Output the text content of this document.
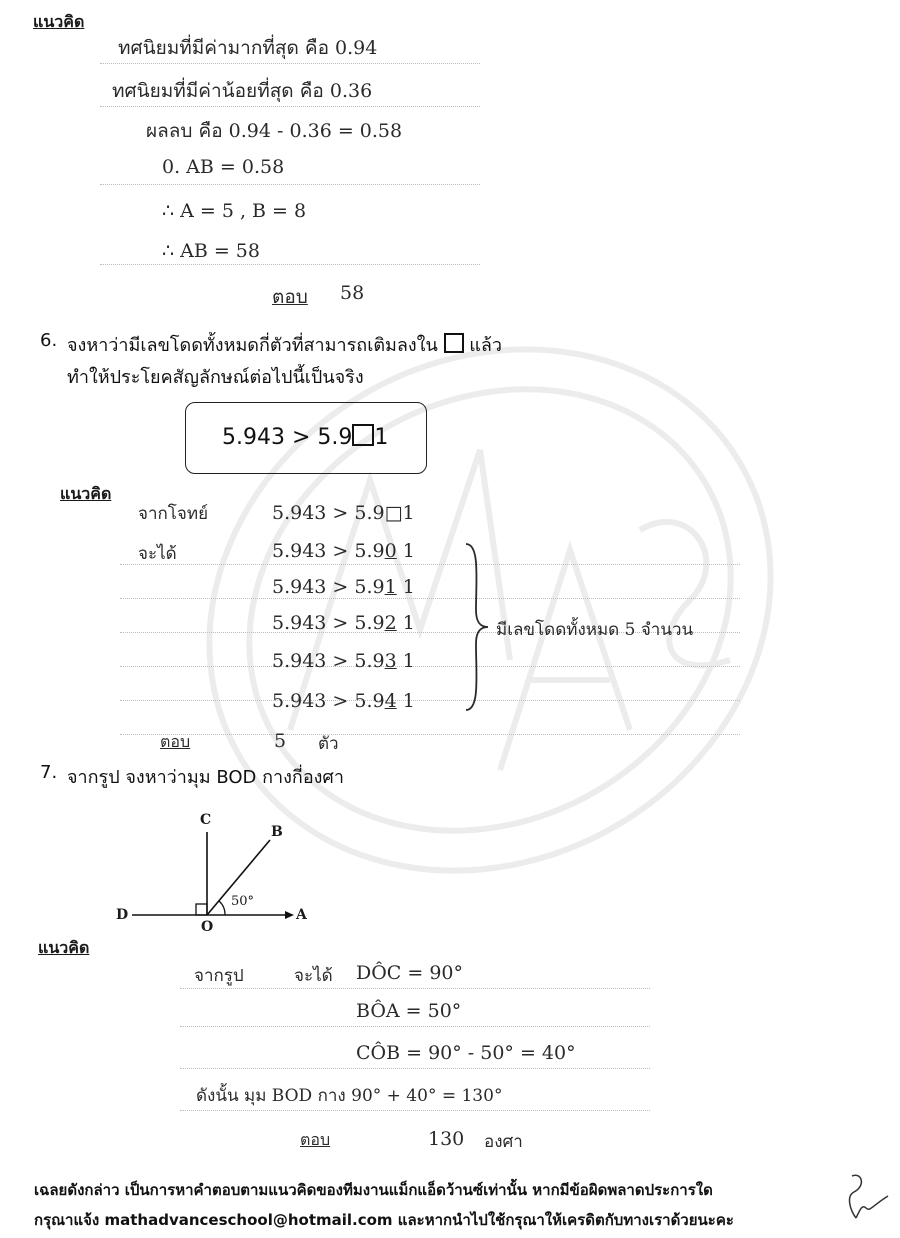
แนวคิด
ทศนิยมที่มีค่ามากที่สุด คือ 0.94
ทศนิยมที่มีค่าน้อยที่สุด คือ 0.36
ผลลบ คือ 0.94 - 0.36 = 0.58
0. AB = 0.58
∴ A = 5 , B = 8
∴ AB = 58
ตอบ 58
6. จงหาว่ามีเลขโดดทั้งหมดกี่ตัวที่สามารถเติมลงใน แล้ว
ทำให้ประโยคสัญลักษณ์ต่อไปนี้เป็นจริง
5.943 > 5.9 1
แนวคิด
จากโจทย์	5.943 > 5.9□1
จะได้	5.943 > 5.90 1
5.943 > 5.91 1
5.943 > 5.92 1
5.943 > 5.93 1
5.943 > 5.94 1
มีเลขโดดทั้งหมด 5 จำนวน
ตอบ	5 ตัว
7. จากรูป จงหาว่ามุม BOD กางกี่องศา
C
B
50°
D	A
O
แนวคิด
จากรูป	จะได้ DÔC = 90°
BÔA = 50°
CÔB = 90° - 50° = 40°
ดังนั้น มุม BOD กาง 90° + 40° = 130°
ตอบ	130 องศา
เฉลยดังกล่าว เป็นการหาคำตอบตามแนวคิดของทีมงานแม็กแอ็ดว้านซ์เท่านั้น หากมีข้อผิดพลาดประการใด
กรุณาแจ้ง mathadvanceschool@hotmail.com และหากนำไปใช้กรุณาให้เครดิตกับทางเราด้วยนะคะ
